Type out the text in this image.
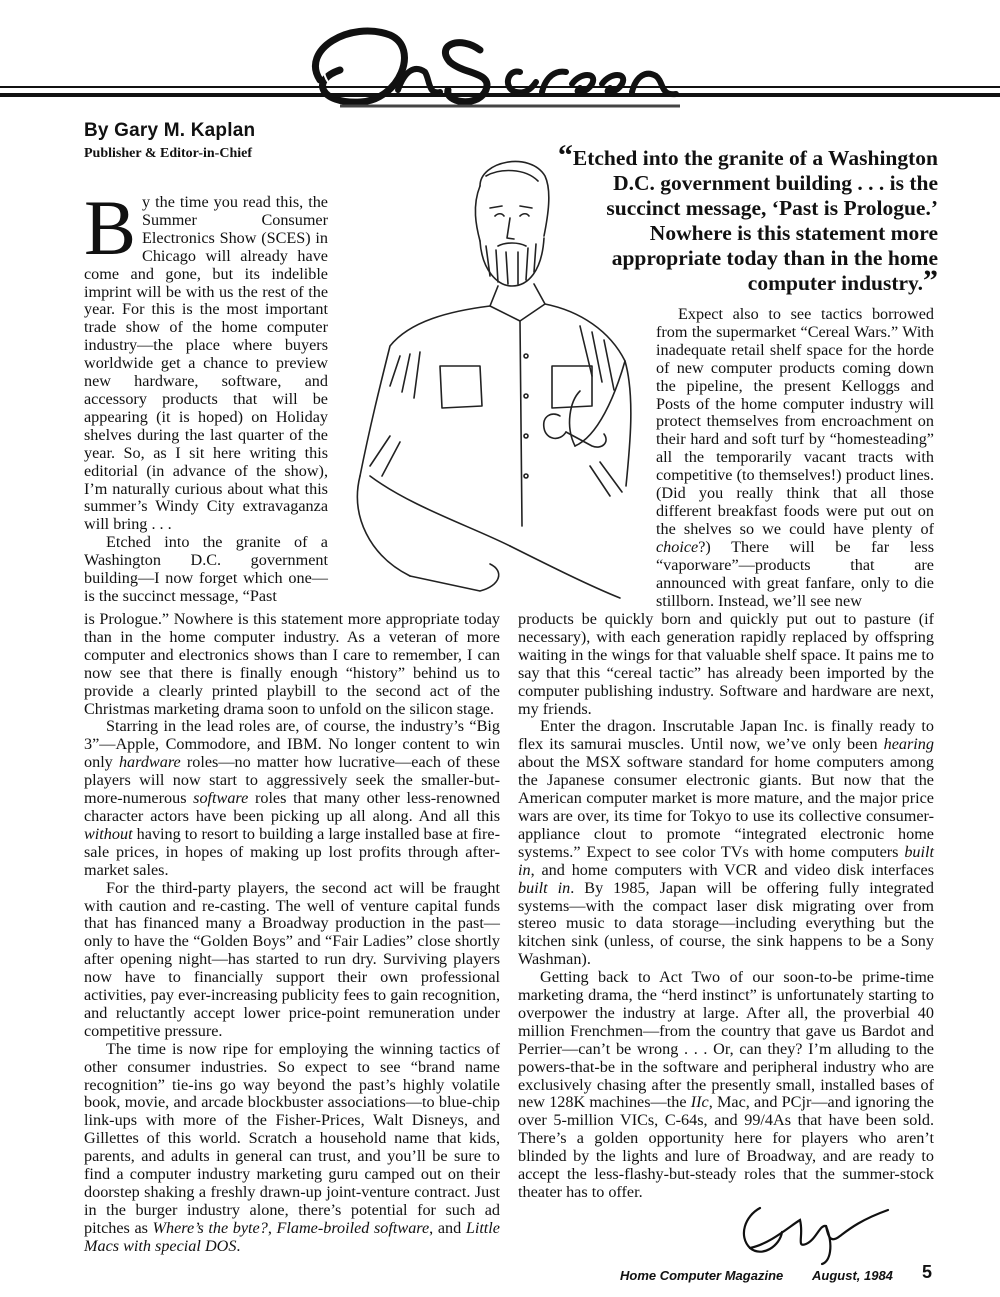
By Gary M. Kaplan
Publisher & Editor-in-Chief	“Etched into the granite of a Washington D.C. government building . . . is the succinct message, ‘Past is Prologue.’ Nowhere is this statement more appropriate today than in the home computer industry.”

By the time you read this, the Summer Consumer Electronics Show (SCES) in Chicago will already have come and gone, but its indelible imprint will be with us the rest of the year. For this is the most important trade show of the home computer industry—the place where buyers worldwide get a chance to preview new hardware, software, and accessory products that will be appearing (it is hoped) on Holiday shelves during the last quarter of the year. So, as I sit here writing this editorial (in advance of the show), I’m naturally curious about what this summer’s Windy City extravaganza will bring . . .

Etched into the granite of a Washington D.C. government building—I now forget which one—is the succinct message, “Past

is Prologue.” Nowhere is this statement more appropriate today than in the home computer industry. As a veteran of more computer and electronics shows than I care to remember, I can now see that there is finally enough “history” behind us to provide a clearly printed playbill to the second act of the Christmas marketing drama soon to unfold on the silicon stage.

Starring in the lead roles are, of course, the industry’s “Big 3”—Apple, Commodore, and IBM. No longer content to win only hardware roles—no matter how lucrative—each of these players will now start to aggressively seek the smaller-but-more-numerous software roles that many other less-renowned character actors have been picking up all along. And all this without having to resort to building a large installed base at fire-sale prices, in hopes of making up lost profits through after-market sales.

For the third-party players, the second act will be fraught with caution and re-casting. The well of venture capital funds that has financed many a Broadway production in the past—only to have the “Golden Boys” and “Fair Ladies” close shortly after opening night—has started to run dry. Surviving players now have to financially support their own professional activities, pay ever-increasing publicity fees to gain recognition, and reluctantly accept lower price-point remuneration under competitive pressure.

The time is now ripe for employing the winning tactics of other consumer industries. So expect to see “brand name recognition” tie-ins go way beyond the past’s highly volatile book, movie, and arcade blockbuster associations—to blue-chip link-ups with more of the Fisher-Prices, Walt Disneys, and Gillettes of this world. Scratch a household name that kids, parents, and adults in general can trust, and you’ll be sure to find a computer industry marketing guru camped out on their doorstep shaking a freshly drawn-up joint-venture contract. Just in the burger industry alone, there’s potential for such ad pitches as Where’s the byte?, Flame-broiled software, and Little Macs with special DOS.

Expect also to see tactics borrowed from the supermarket “Cereal Wars.” With inadequate retail shelf space for the horde of new computer products coming down the pipeline, the present Kelloggs and Posts of the home computer industry will protect themselves from encroachment on their hard and soft turf by “homesteading” all the temporarily vacant tracts with competitive (to themselves!) product lines. (Did you really think that all those different breakfast foods were put out on the shelves so we could have plenty of choice?) There will be far less “vaporware”—products that are announced with great fanfare, only to die stillborn. Instead, we’ll see new

products be quickly born and quickly put out to pasture (if necessary), with each generation rapidly replaced by offspring waiting in the wings for that valuable shelf space. It pains me to say that this “cereal tactic” has already been imported by the computer publishing industry. Software and hardware are next, my friends.

Enter the dragon. Inscrutable Japan Inc. is finally ready to flex its samurai muscles. Until now, we’ve only been hearing about the MSX software standard for home computers among the Japanese consumer electronic giants. But now that the American computer market is more mature, and the major price wars are over, its time for Tokyo to use its collective consumer-appliance clout to promote “integrated electronic home systems.” Expect to see color TVs with home computers built in, and home computers with VCR and video disk interfaces built in. By 1985, Japan will be offering fully integrated systems—with the compact laser disk migrating over from stereo music to data storage—including everything but the kitchen sink (unless, of course, the sink happens to be a Sony Washman).

Getting back to Act Two of our soon-to-be prime-time marketing drama, the “herd instinct” is unfortunately starting to overpower the industry at large. After all, the proverbial 40 million Frenchmen—from the country that gave us Bardot and Perrier—can’t be wrong . . . Or, can they? I’m alluding to the powers-that-be in the software and peripheral industry who are exclusively chasing after the presently small, installed bases of new 128K machines—the IIc, Mac, and PCjr—and ignoring the over 5-million VICs, C-64s, and 99/4As that have been sold. There’s a golden opportunity here for players who aren’t blinded by the lights and lure of Broadway, and are ready to accept the less-flashy-but-steady roles that the summer-stock theater has to offer.

Home Computer Magazine August, 1984 5
